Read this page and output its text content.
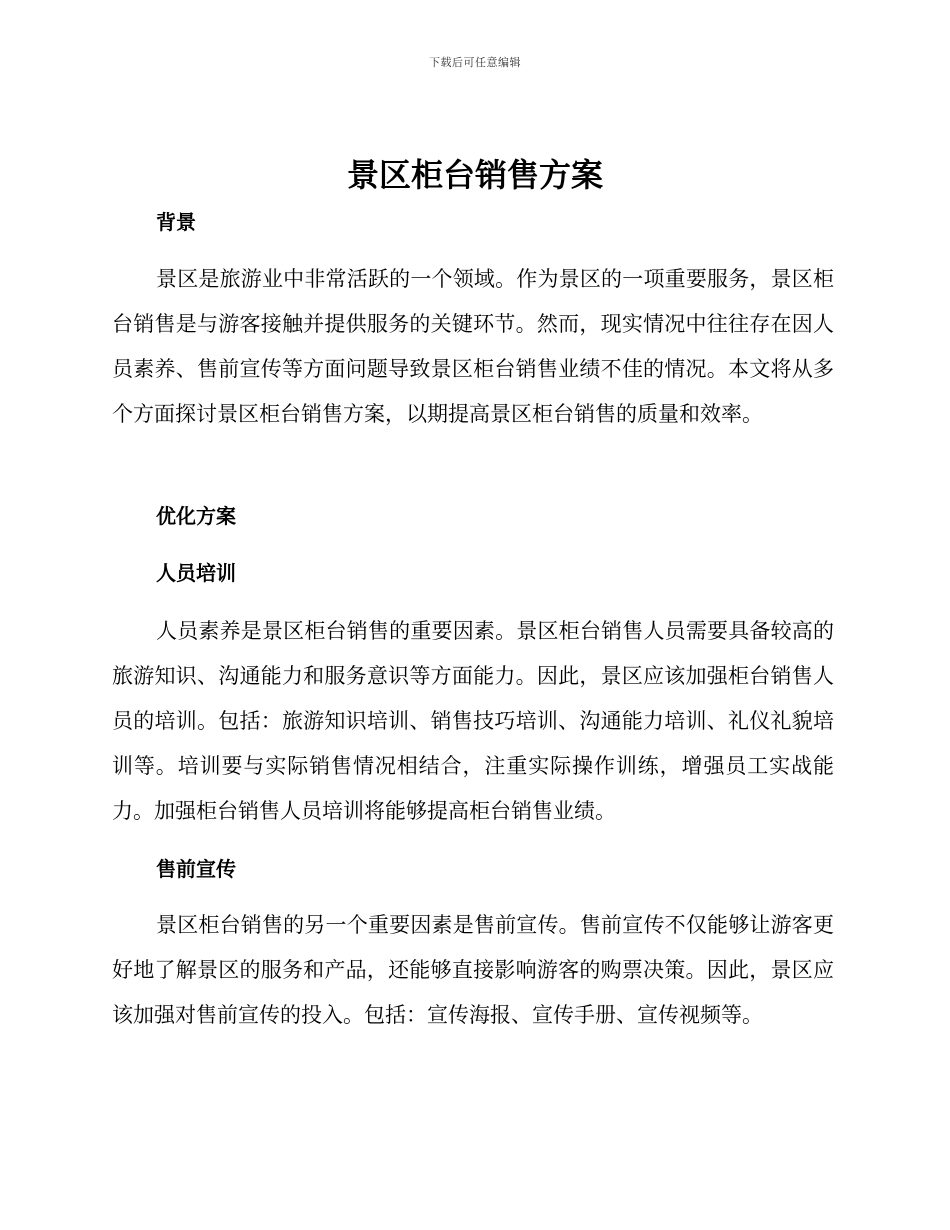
下载后可任意编辑
景区柜台销售方案
背景
景区是旅游业中非常活跃的一个领域。作为景区的一项重要服务，景区柜台销售是与游客接触并提供服务的关键环节。然而，现实情况中往往存在因人员素养、售前宣传等方面问题导致景区柜台销售业绩不佳的情况。本文将从多个方面探讨景区柜台销售方案，以期提高景区柜台销售的质量和效率。
优化方案
人员培训
人员素养是景区柜台销售的重要因素。景区柜台销售人员需要具备较高的旅游知识、沟通能力和服务意识等方面能力。因此，景区应该加强柜台销售人员的培训。包括：旅游知识培训、销售技巧培训、沟通能力培训、礼仪礼貌培训等。培训要与实际销售情况相结合，注重实际操作训练，增强员工实战能力。加强柜台销售人员培训将能够提高柜台销售业绩。
售前宣传
景区柜台销售的另一个重要因素是售前宣传。售前宣传不仅能够让游客更好地了解景区的服务和产品，还能够直接影响游客的购票决策。因此，景区应该加强对售前宣传的投入。包括：宣传海报、宣传手册、宣传视频等。
